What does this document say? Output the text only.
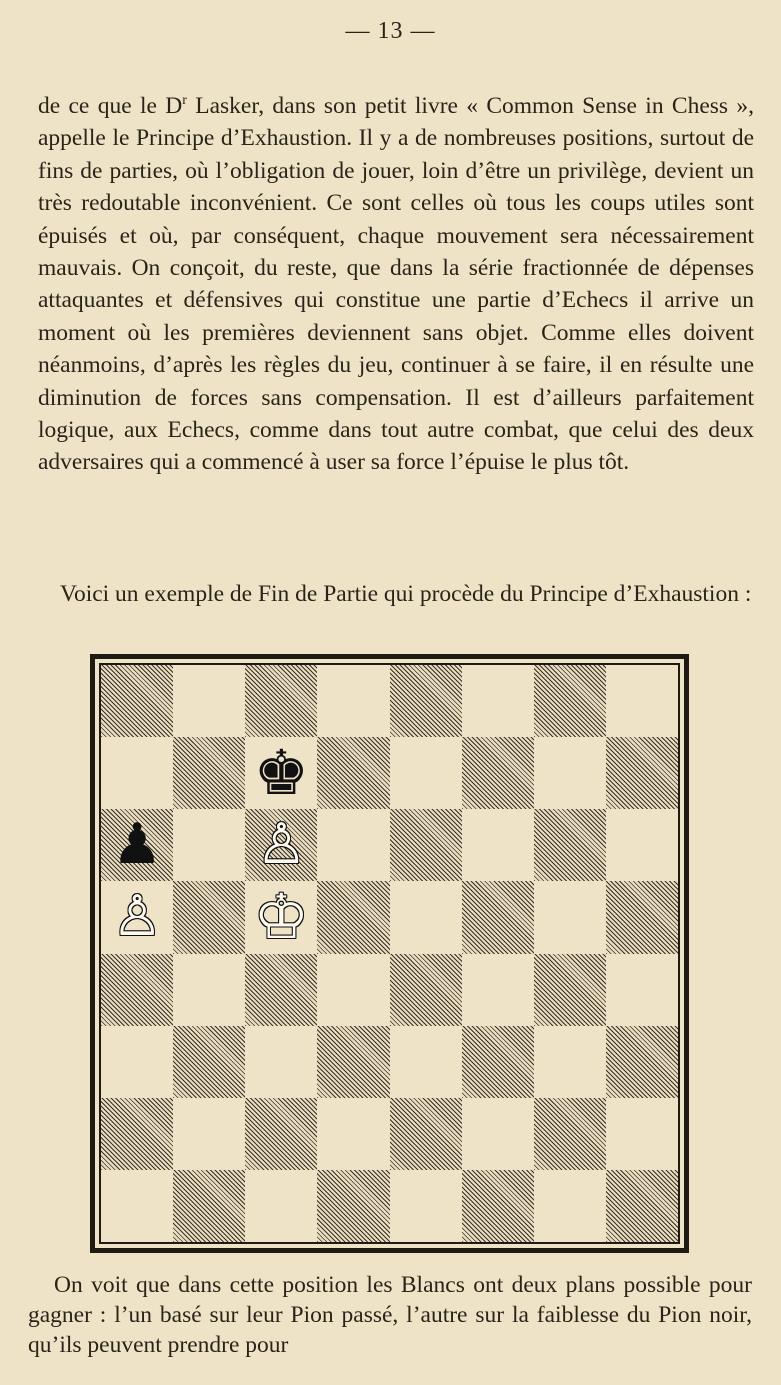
— 13 —

de ce que le $D^r$ Lasker, dans son petit livre « Common Sense in Chess », appelle le Principe d’Exhaustion. Il y a de nombreuses positions, surtout de fins de parties, où l’obligation de jouer, loin d’être un privilège, devient un très redoutable inconvénient. Ce sont celles où tous les coups utiles sont épuisés et où, par conséquent, chaque mouvement sera nécessairement mauvais. On conçoit, du reste, que dans la série fractionnée de dépenses attaquantes et défensives qui constitue une partie d’Echecs il arrive un moment où les premières deviennent sans objet. Comme elles doivent néanmoins, d’après les règles du jeu, continuer à se faire, il en résulte une diminution de forces sans compensation. Il est d’ailleurs parfaitement logique, aux Echecs, comme dans tout autre combat, que celui des deux adversaires qui a commencé à user sa force l’épuise le plus tôt.

Voici un exemple de Fin de Partie qui procède du Principe d’Exhaustion :

♚
♟ ♙
♙ ♔

On voit que dans cette position les Blancs ont deux plans possible pour gagner : l’un basé sur leur Pion passé, l’autre sur la faiblesse du Pion noir, qu’ils peuvent prendre pour
